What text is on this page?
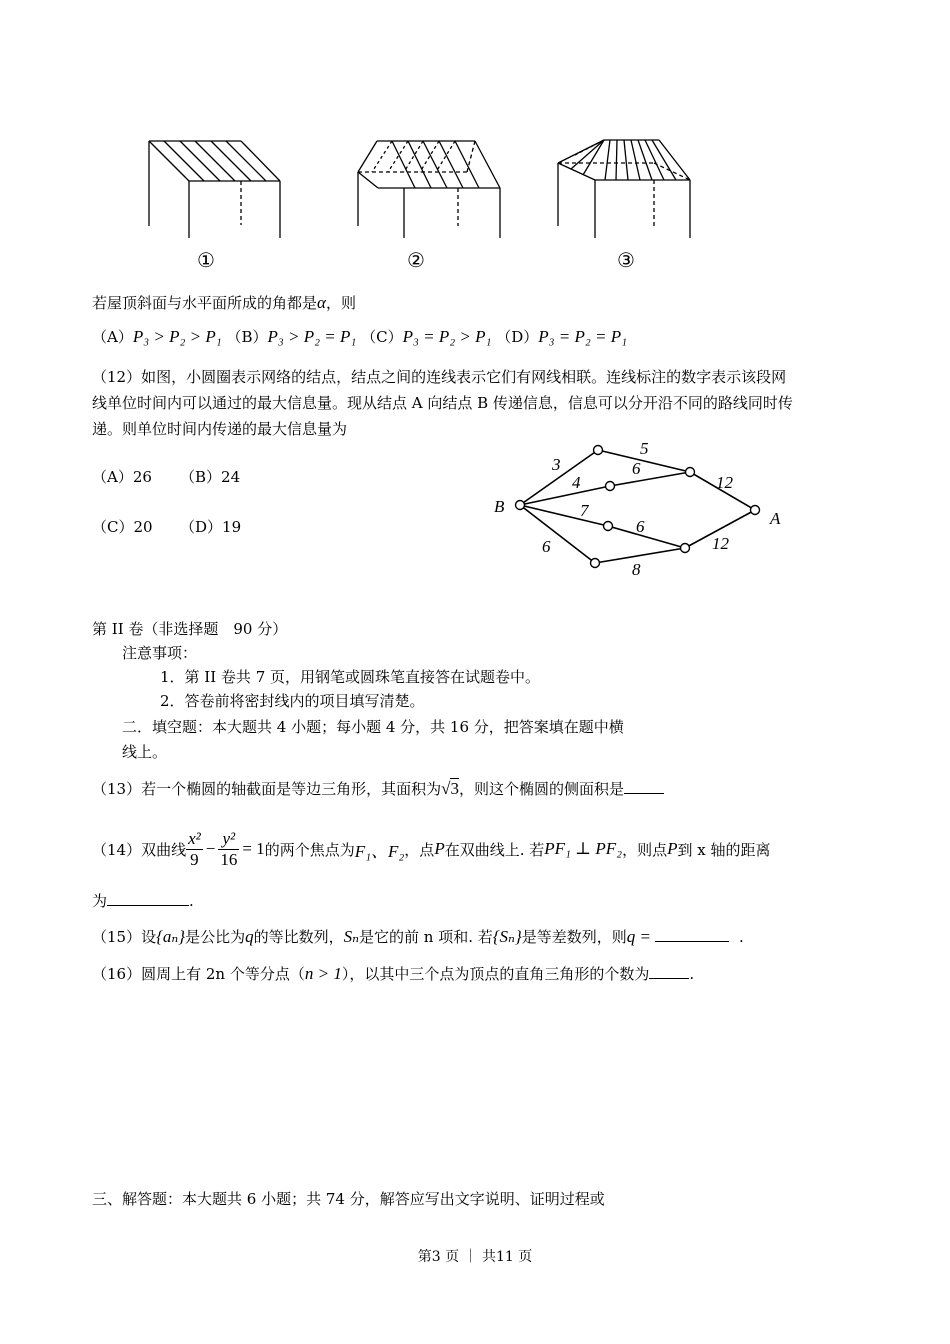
①	②	③
若屋顶斜面与水平面所成的角都是α，则
（A）P₃ > P₂ > P₁ （B）P₃ > P₂ = P₁ （C）P₃ = P₂ > P₁ （D）P₃ = P₂ = P₁
（12）如图，小圆圈表示网络的结点，结点之间的连线表示它们有网线相联。连线标注的数字表示该段网
线单位时间内可以通过的最大信息量。现从结点 A 向结点 B 传递信息，信息可以分开沿不同的路线同时传
递。则单位时间内传递的最大信息量为
（A）26 （B）24
（C）20 （D）19
B
A
3
5
4
6
12
7
6
12
6
8
第 II 卷（非选择题　90 分）
注意事项：
1．第 II 卷共 7 页，用钢笔或圆珠笔直接答在试题卷中。
2．答卷前将密封线内的项目填写清楚。
二．填空题：本大题共 4 小题；每小题 4 分，共 16 分，把答案填在题中横
线上。
（13）若一个椭圆的轴截面是等边三角形，其面积为√3，则这个椭圆的侧面积是
（14）双曲线 $\frac{\text{x²}}{9} - \frac{\text{y²}}{16} = 1$ 的两个焦点为 F₁、F₂ ，点 P 在双曲线上. 若 PF₁ ⊥ PF₂ ，则点 P 到 x 轴的距离
为	.
（15）设{aₙ}是公比为q的等比数列，Sₙ是它的前 n 项和. 若{Sₙ}是等差数列，则q =	.
（16）圆周上有 2n 个等分点（n > 1），以其中三个点为顶点的直角三角形的个数为	.
三、解答题：本大题共 6 小题；共 74 分，解答应写出文字说明、证明过程或
第3 页 ｜ 共11 页
